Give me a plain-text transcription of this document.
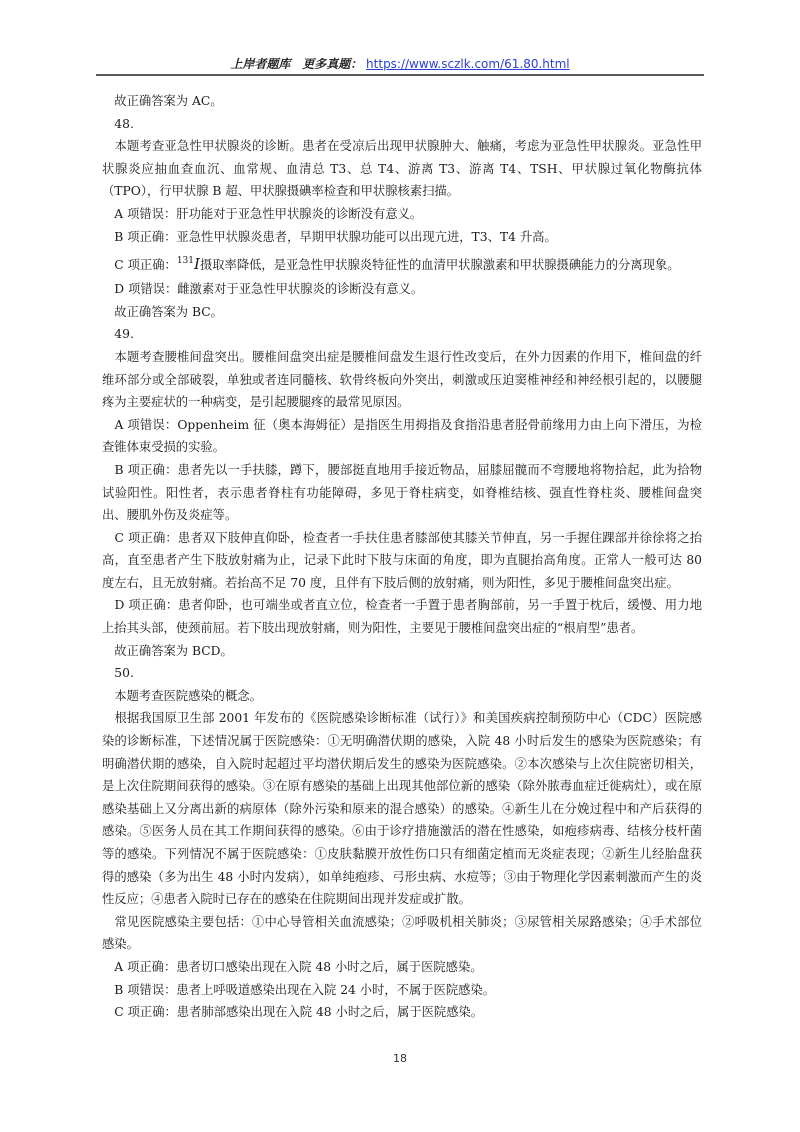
上岸者题库 更多真题： https://www.sczlk.com/61.80.html

　故正确答案为 AC。

　48.

　本题考查亚急性甲状腺炎的诊断。患者在受凉后出现甲状腺肿大、触痛，考虑为亚急性甲状腺炎。亚急性甲状腺炎应抽血查血沉、血常规、血清总 T3、总 T4、游离 T3、游离 T4、TSH、甲状腺过氧化物酶抗体（TPO），行甲状腺 B 超、甲状腺摄碘率检查和甲状腺核素扫描。

　A 项错误：肝功能对于亚急性甲状腺炎的诊断没有意义。

　B 项正确：亚急性甲状腺炎患者，早期甲状腺功能可以出现亢进，T3、T4 升高。

　C 项正确：$^{131}$I摄取率降低，是亚急性甲状腺炎特征性的血清甲状腺激素和甲状腺摄碘能力的分离现象。

　D 项错误：雌激素对于亚急性甲状腺炎的诊断没有意义。

　故正确答案为 BC。

　49.

　本题考查腰椎间盘突出。腰椎间盘突出症是腰椎间盘发生退行性改变后，在外力因素的作用下，椎间盘的纤维环部分或全部破裂，单独或者连同髓核、软骨终板向外突出，刺激或压迫窦椎神经和神经根引起的，以腰腿疼为主要症状的一种病变，是引起腰腿疼的最常见原因。

　A 项错误：Oppenheim 征（奥本海姆征）是指医生用拇指及食指沿患者胫骨前缘用力由上向下滑压，为检查锥体束受损的实验。

　B 项正确：患者先以一手扶膝，蹲下，腰部挺直地用手接近物品，屈膝屈髋而不弯腰地将物拾起，此为拾物试验阳性。阳性者，表示患者脊柱有功能障碍，多见于脊柱病变，如脊椎结核、强直性脊柱炎、腰椎间盘突出、腰肌外伤及炎症等。

　C 项正确：患者双下肢伸直仰卧，检查者一手扶住患者膝部使其膝关节伸直，另一手握住踝部并徐徐将之抬高，直至患者产生下肢放射痛为止，记录下此时下肢与床面的角度，即为直腿抬高角度。正常人一般可达 80 度左右，且无放射痛。若抬高不足 70 度，且伴有下肢后侧的放射痛，则为阳性，多见于腰椎间盘突出症。

　D 项正确：患者仰卧，也可端坐或者直立位，检查者一手置于患者胸部前，另一手置于枕后，缓慢、用力地上抬其头部，使颈前屈。若下肢出现放射痛，则为阳性，主要见于腰椎间盘突出症的“根肩型”患者。

　故正确答案为 BCD。

　50.

　本题考查医院感染的概念。

　根据我国原卫生部 2001 年发布的《医院感染诊断标准（试行）》和美国疾病控制预防中心（CDC）医院感染的诊断标准，下述情况属于医院感染：①无明确潜伏期的感染，入院 48 小时后发生的感染为医院感染；有明确潜伏期的感染，自入院时起超过平均潜伏期后发生的感染为医院感染。②本次感染与上次住院密切相关，是上次住院期间获得的感染。③在原有感染的基础上出现其他部位新的感染（除外脓毒血症迁徙病灶），或在原感染基础上又分离出新的病原体（除外污染和原来的混合感染）的感染。④新生儿在分娩过程中和产后获得的感染。⑤医务人员在其工作期间获得的感染。⑥由于诊疗措施激活的潜在性感染，如疱疹病毒、结核分枝杆菌等的感染。下列情况不属于医院感染：①皮肤黏膜开放性伤口只有细菌定植而无炎症表现；②新生儿经胎盘获得的感染（多为出生 48 小时内发病），如单纯疱疹、弓形虫病、水痘等；③由于物理化学因素刺激而产生的炎性反应；④患者入院时已存在的感染在住院期间出现并发症或扩散。

　常见医院感染主要包括：①中心导管相关血流感染；②呼吸机相关肺炎；③尿管相关尿路感染；④手术部位感染。

　A 项正确：患者切口感染出现在入院 48 小时之后，属于医院感染。

　B 项错误：患者上呼吸道感染出现在入院 24 小时，不属于医院感染。

　C 项正确：患者肺部感染出现在入院 48 小时之后，属于医院感染。

18
